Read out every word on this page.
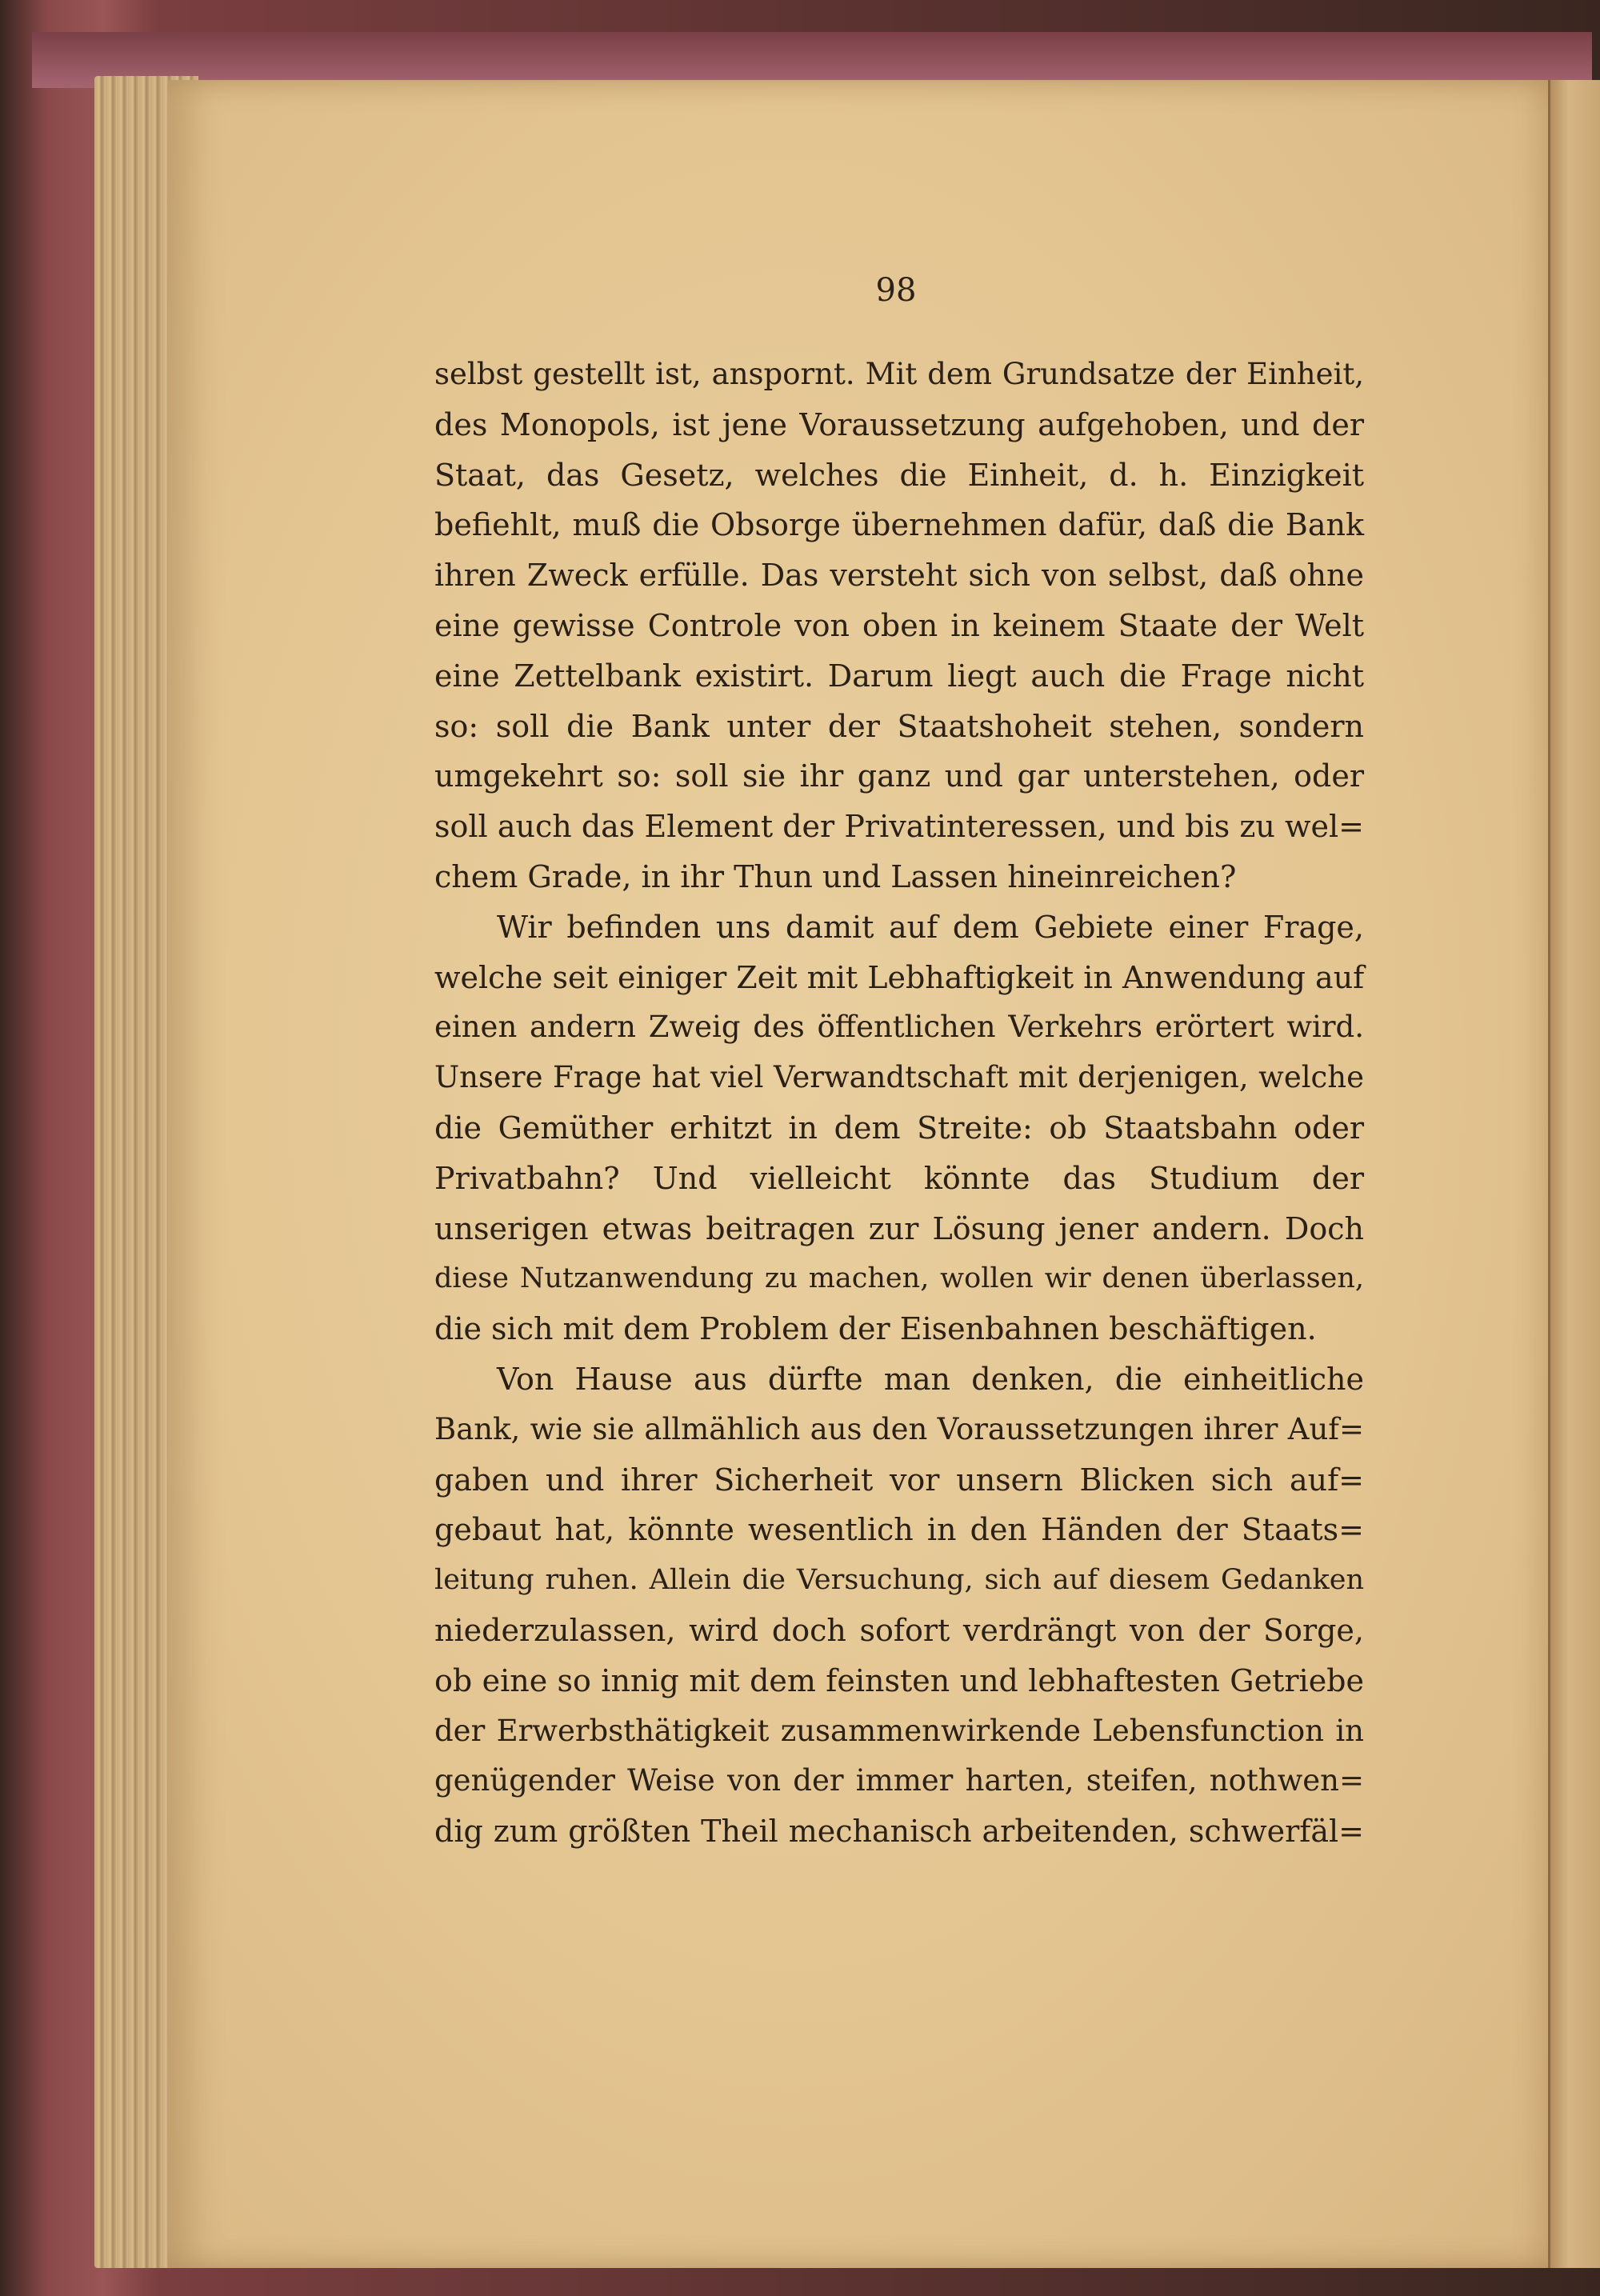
98
selbst gestellt ist, anspornt. Mit dem Grundsatze der Einheit,
des Monopols, ist jene Voraussetzung aufgehoben, und der
Staat, das Gesetz, welches die Einheit, d. h. Einzigkeit
befiehlt, muß die Obsorge übernehmen dafür, daß die Bank
ihren Zweck erfülle. Das versteht sich von selbst, daß ohne
eine gewisse Controle von oben in keinem Staate der Welt
eine Zettelbank existirt. Darum liegt auch die Frage nicht
so: soll die Bank unter der Staatshoheit stehen, sondern
umgekehrt so: soll sie ihr ganz und gar unterstehen, oder
soll auch das Element der Privatinteressen, und bis zu wel=
chem Grade, in ihr Thun und Lassen hineinreichen?
Wir befinden uns damit auf dem Gebiete einer Frage,
welche seit einiger Zeit mit Lebhaftigkeit in Anwendung auf
einen andern Zweig des öffentlichen Verkehrs erörtert wird.
Unsere Frage hat viel Verwandtschaft mit derjenigen, welche
die Gemüther erhitzt in dem Streite: ob Staatsbahn oder
Privatbahn? Und vielleicht könnte das Studium der
unserigen etwas beitragen zur Lösung jener andern. Doch
diese Nutzanwendung zu machen, wollen wir denen überlassen,
die sich mit dem Problem der Eisenbahnen beschäftigen.
Von Hause aus dürfte man denken, die einheitliche
Bank, wie sie allmählich aus den Voraussetzungen ihrer Auf=
gaben und ihrer Sicherheit vor unsern Blicken sich auf=
gebaut hat, könnte wesentlich in den Händen der Staats=
leitung ruhen. Allein die Versuchung, sich auf diesem Gedanken
niederzulassen, wird doch sofort verdrängt von der Sorge,
ob eine so innig mit dem feinsten und lebhaftesten Getriebe
der Erwerbsthätigkeit zusammenwirkende Lebensfunction in
genügender Weise von der immer harten, steifen, nothwen=
dig zum größten Theil mechanisch arbeitenden, schwerfäl=
